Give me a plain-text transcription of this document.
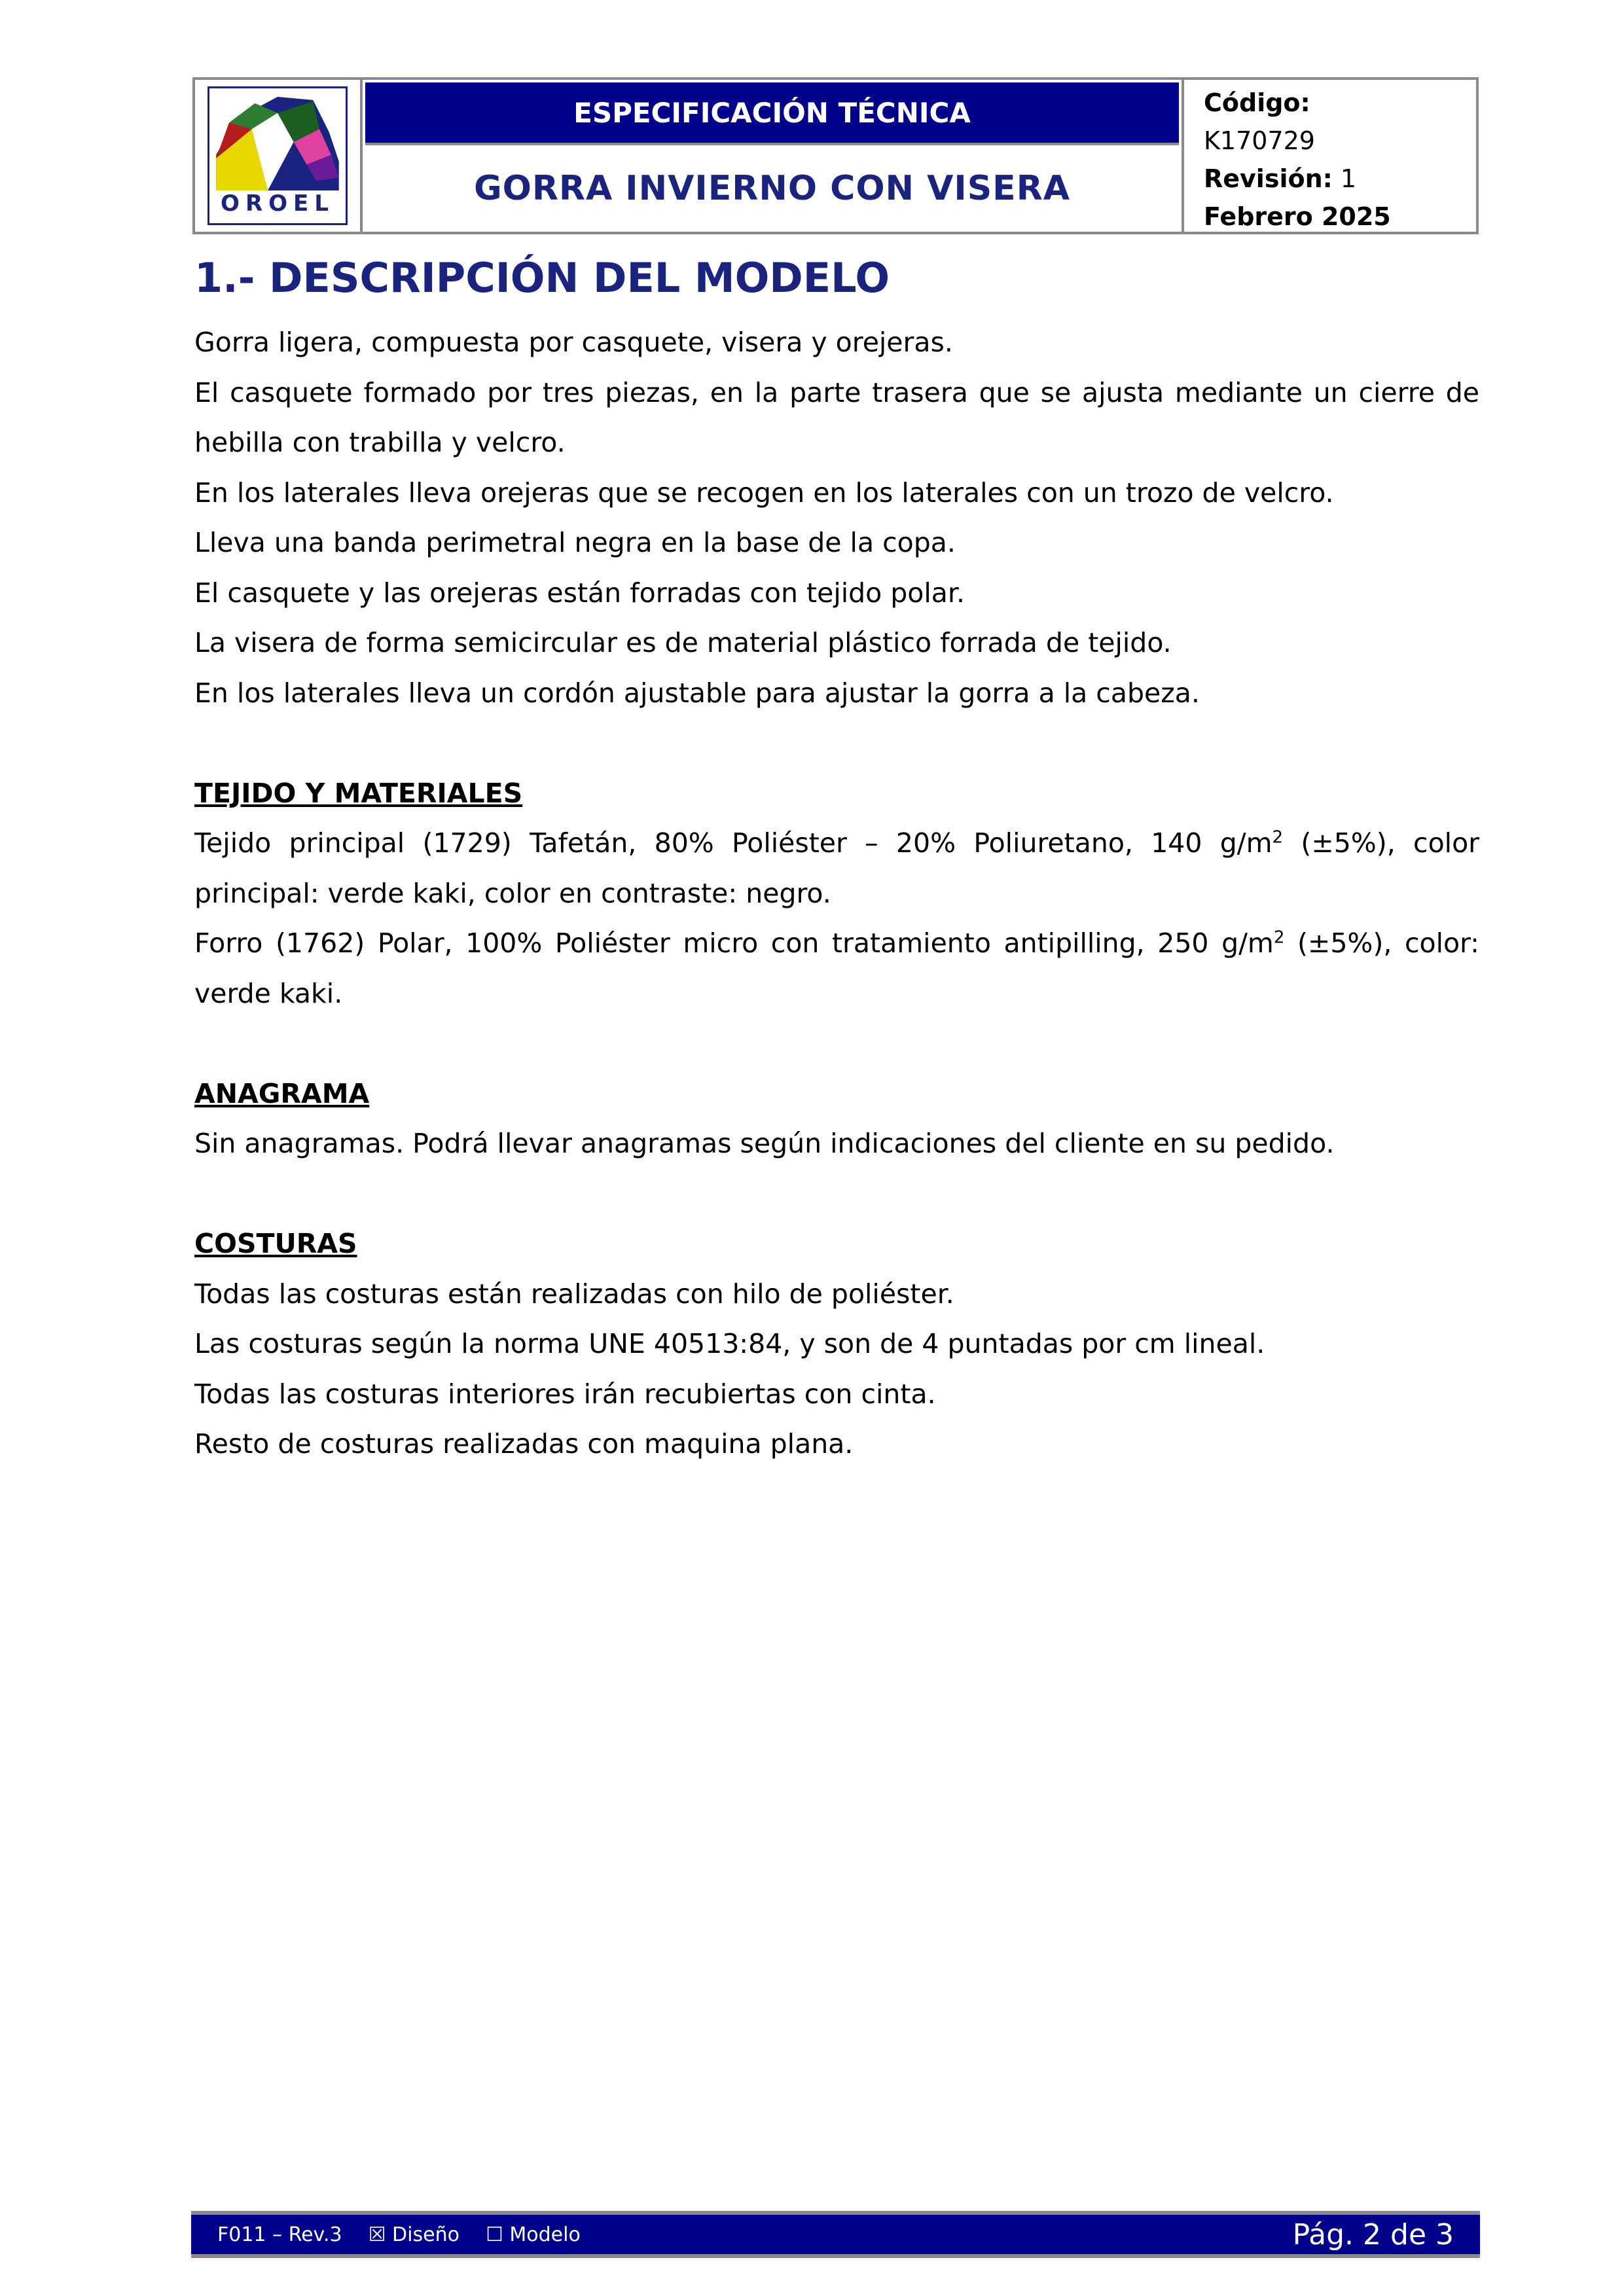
OROEL
ESPECIFICACIÓN TÉCNICA
GORRA INVIERNO CON VISERA
Código:
K170729
Revisión: 1
Febrero 2025
1.- DESCRIPCIÓN DEL MODELO

Gorra ligera, compuesta por casquete, visera y orejeras.

El casquete formado por tres piezas, en la parte trasera que se ajusta mediante un cierre de hebilla con trabilla y velcro.

En los laterales lleva orejeras que se recogen en los laterales con un trozo de velcro.

Lleva una banda perimetral negra en la base de la copa.

El casquete y las orejeras están forradas con tejido polar.

La visera de forma semicircular es de material plástico forrada de tejido.

En los laterales lleva un cordón ajustable para ajustar la gorra a la cabeza.

TEJIDO Y MATERIALES

Tejido principal (1729) Tafetán, 80% Poliéster – 20% Poliuretano, 140 $g/m^2$ (±5%), color principal: verde kaki, color en contraste: negro.

Forro (1762) Polar, 100% Poliéster micro con tratamiento antipilling, 250 $g/m^2$ (±5%), color: verde kaki.

ANAGRAMA

Sin anagramas. Podrá llevar anagramas según indicaciones del cliente en su pedido.

COSTURAS

Todas las costuras están realizadas con hilo de poliéster.

Las costuras según la norma UNE 40513:84, y son de 4 puntadas por cm lineal.

Todas las costuras interiores irán recubiertas con cinta.

Resto de costuras realizadas con maquina plana.

F011 – Rev.3 ☒ Diseño ☐ Modelo	Pág. 2 de 3
